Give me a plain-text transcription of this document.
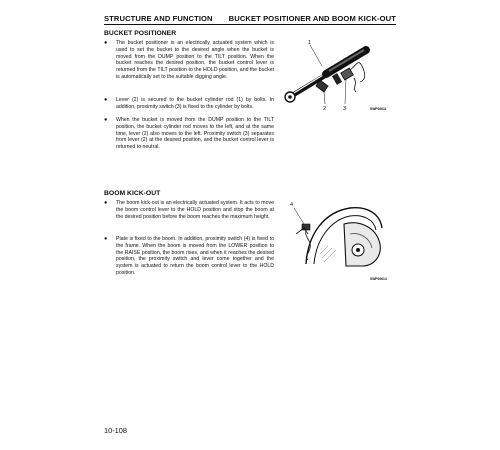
STRUCTURE AND FUNCTION BUCKET POSITIONER AND BOOM KICK-OUT
BUCKET POSITIONER
● The bucket positioner is an electrically actuated system which is used to set the bucket to the desired angle when the bucket is moved from the DUMP position to the TILT position. When the bucket reaches the desired position, the bucket control lever is returned from the TILT position to the HOLD position, and the bucket is automatically set to the suitable digging angle.
● Lever (2) is secured to the bucket cylinder rod (1) by bolts. In addition, proximity switch (3) is fixed to the cylinder by bolts.
● When the bucket is moved from the DUMP position to the TILT position, the bucket cylinder rod moves to the left, and at the same time, lever (2) also moves to the left. Proximity switch (3) separates from lever (2) at the desired position, and the bucket control lever is returned to neutral.
1
2	3	SWP00611
BOOM KICK-OUT
● The boom kick-out is an electrically actuated system. It acts to move the boom control lever to the HOLD position and stop the boom at the desired position before the boom reaches the maximum height.
● Plate is fixed to the boom. In addition, proximity switch (4) is fixed to the frame. When the boom is moved from the LOWER position to the RAISE position, the boom rises, and when it reaches the desired position, the proximity switch and lever come together and the system is actuated to return the boom control lever to the HOLD position.
4
SWP00614
10-108
